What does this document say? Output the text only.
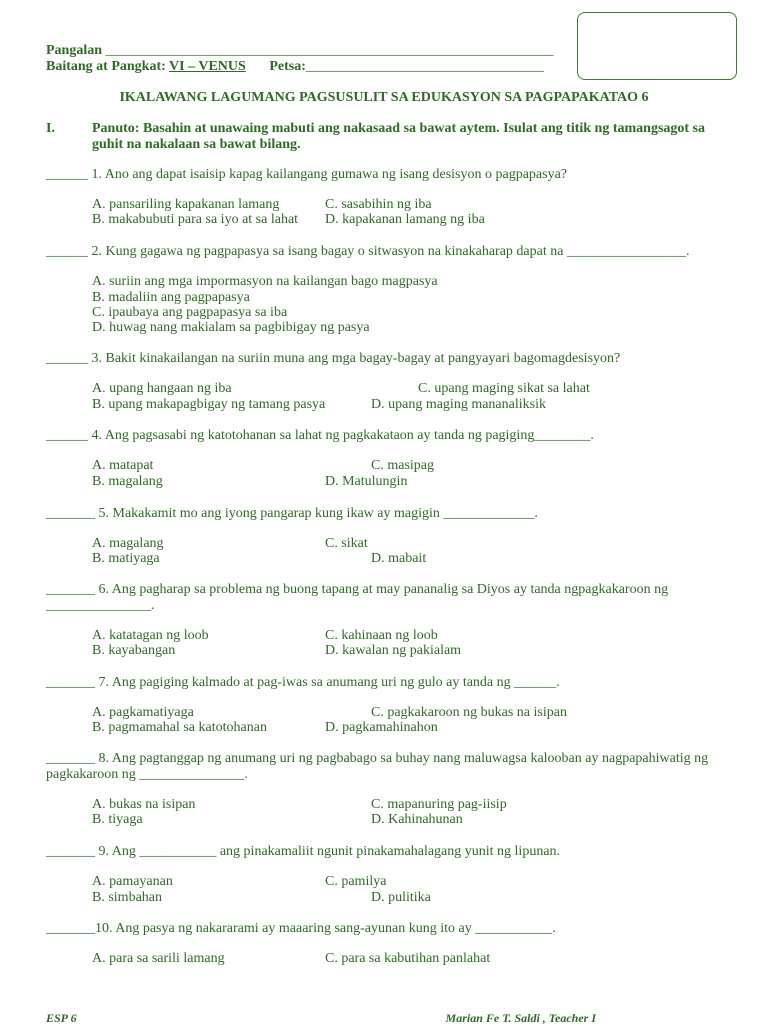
Pangalan ________________________________________________________________
Baitang at Pangkat: VI – VENUS Petsa:__________________________________
IKALAWANG LAGUMANG PAGSUSULIT SA EDUKASYON SA PAGPAPAKATAO 6
I.	Panuto: Basahin at unawaing mabuti ang nakasaad sa bawat aytem. Isulat ang titik ng tamangsagot sa guhit na nakalaan sa bawat bilang.
______ 1. Ano ang dapat isaisip kapag kailangang gumawa ng isang desisyon o pagpapasya?
A. pansariling kapakanan lamang	C. sasabihin ng iba
B. makabubuti para sa iyo at sa lahat D. kapakanan lamang ng iba
______ 2. Kung gagawa ng pagpapasya sa isang bagay o sitwasyon na kinakaharap dapat na _________________.
A. suriin ang mga impormasyon na kailangan bago magpasya
B. madaliin ang pagpapasya
C. ipaubaya ang pagpapasya sa iba
D. huwag nang makialam sa pagbibigay ng pasya
______ 3. Bakit kinakailangan na suriin muna ang mga bagay-bagay at pangyayari bagomagdesisyon?
A. upang hangaan ng iba	C. upang maging sikat sa lahat
B. upang makapagbigay ng tamang pasya	D. upang maging mananaliksik
______ 4. Ang pagsasabi ng katotohanan sa lahat ng pagkakataon ay tanda ng pagiging________.
A. matapat	C. masipag
B. magalang	D. Matulungin
_______ 5. Makakamit mo ang iyong pangarap kung ikaw ay magigin _____________.
A. magalang	C. sikat
B. matiyaga	D. mabait
_______ 6. Ang pagharap sa problema ng buong tapang at may pananalig sa Diyos ay tanda ngpagkakaroon ng _______________.
A. katatagan ng loob	C. kahinaan ng loob
B. kayabangan	D. kawalan ng pakialam
_______ 7. Ang pagiging kalmado at pag-iwas sa anumang uri ng gulo ay tanda ng ______.
A. pagkamatiyaga	C. pagkakaroon ng bukas na isipan
B. pagmamahal sa katotohanan	D. pagkamahinahon
_______ 8. Ang pagtanggap ng anumang uri ng pagbabago sa buhay nang maluwagsa kalooban ay nagpapahiwatig ng pagkakaroon ng _______________.
A. bukas na isipan	C. mapanuring pag-iisip
B. tiyaga	D. Kahinahunan
_______ 9. Ang ___________ ang pinakamaliit ngunit pinakamahalagang yunit ng lipunan.
A. pamayanan	C. pamilya
B. simbahan	D. pulitika
_______10. Ang pasya ng nakararami ay maaaring sang-ayunan kung ito ay ___________.
A. para sa sarili lamang	C. para sa kabutihan panlahat
ESP 6	Marian Fe T. Saldi , Teacher I
